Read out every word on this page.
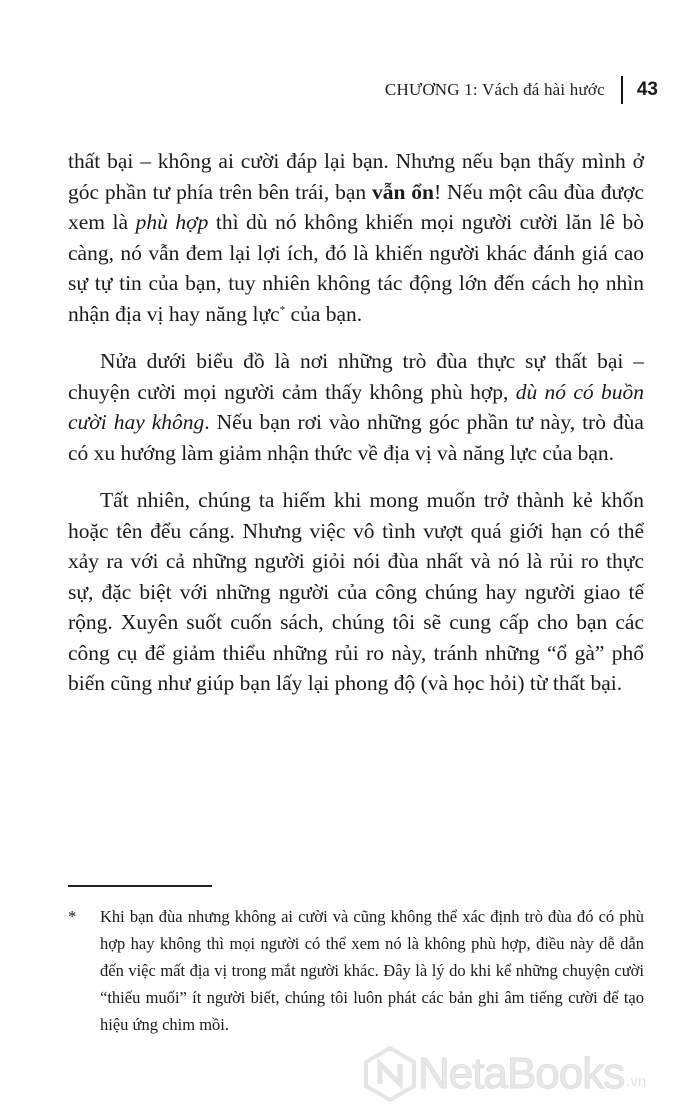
CHƯƠNG 1: Vách đá hài hước 43

thất bại – không ai cười đáp lại bạn. Nhưng nếu bạn thấy mình ở góc phần tư phía trên bên trái, bạn vẫn ổn! Nếu một câu đùa được xem là phù hợp thì dù nó không khiến mọi người cười lăn lê bò càng, nó vẫn đem lại lợi ích, đó là khiến người khác đánh giá cao sự tự tin của bạn, tuy nhiên không tác động lớn đến cách họ nhìn nhận địa vị hay năng lực* của bạn.

Nửa dưới biểu đồ là nơi những trò đùa thực sự thất bại – chuyện cười mọi người cảm thấy không phù hợp, dù nó có buồn cười hay không. Nếu bạn rơi vào những góc phần tư này, trò đùa có xu hướng làm giảm nhận thức về địa vị và năng lực của bạn.

Tất nhiên, chúng ta hiếm khi mong muốn trở thành kẻ khốn hoặc tên đểu cáng. Nhưng việc vô tình vượt quá giới hạn có thể xảy ra với cả những người giỏi nói đùa nhất và nó là rủi ro thực sự, đặc biệt với những người của công chúng hay người giao tế rộng. Xuyên suốt cuốn sách, chúng tôi sẽ cung cấp cho bạn các công cụ để giảm thiểu những rủi ro này, tránh những “ổ gà” phổ biến cũng như giúp bạn lấy lại phong độ (và học hỏi) từ thất bại.

*	Khi bạn đùa nhưng không ai cười và cũng không thể xác định trò đùa đó có phù hợp hay không thì mọi người có thể xem nó là không phù hợp, điều này dễ dẫn đến việc mất địa vị trong mắt người khác. Đây là lý do khi kể những chuyện cười “thiếu muối” ít người biết, chúng tôi luôn phát các bản ghi âm tiếng cười để tạo hiệu ứng chim mồi.
NetaBooks .vn
